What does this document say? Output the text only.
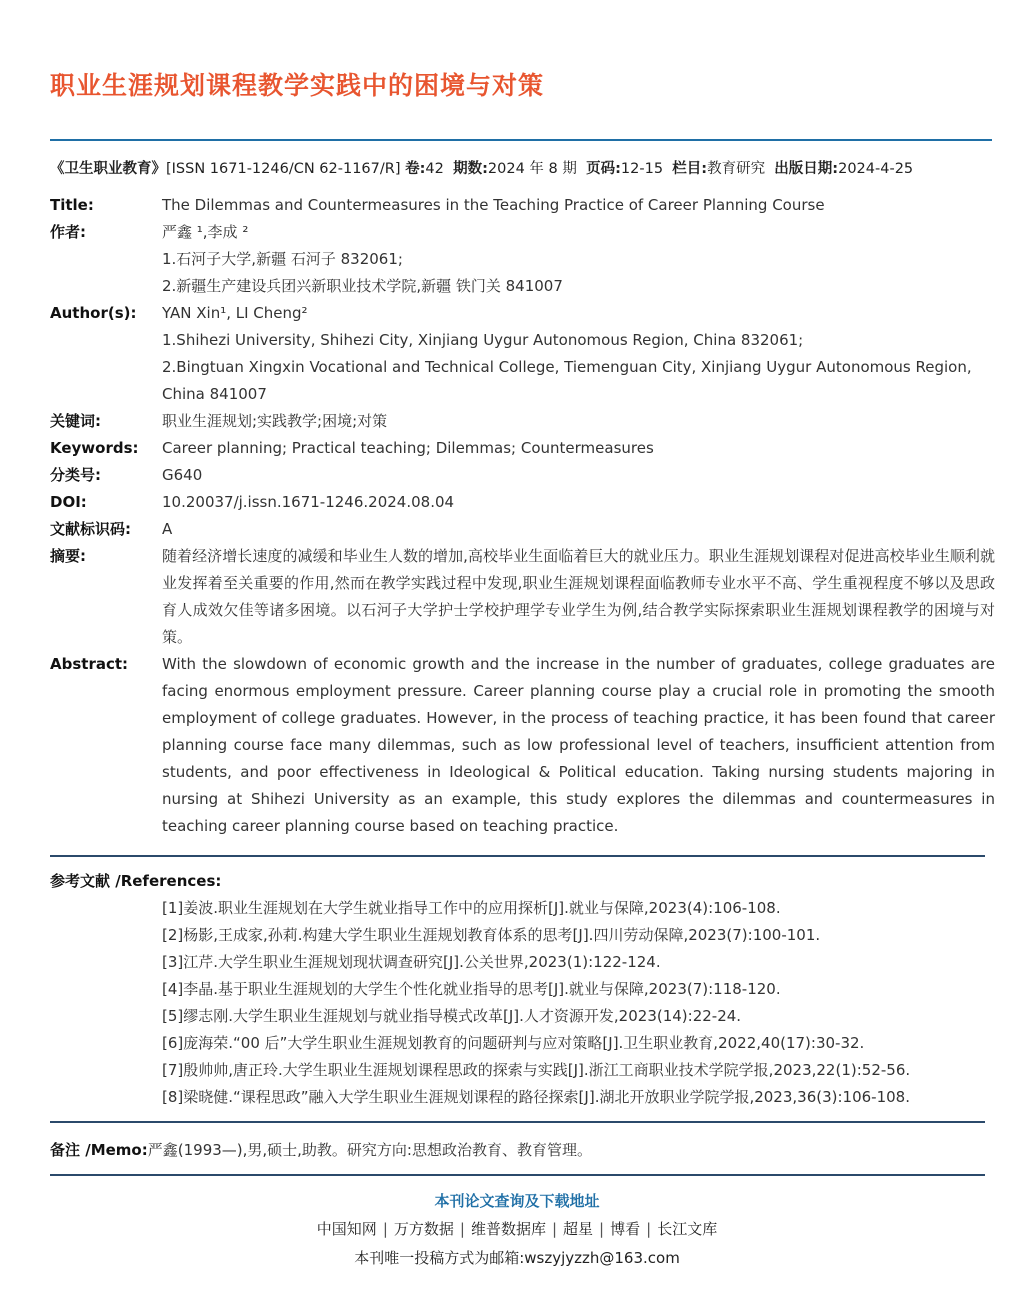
职业生涯规划课程教学实践中的困境与对策
《卫生职业教育》[ISSN 1671-1246/CN 62-1167/R] 卷:42 期数:2024 年 8 期 页码:12-15 栏目:教育研究 出版日期:2024-4-25
Title:	The Dilemmas and Countermeasures in the Teaching Practice of Career Planning Course
作者:	严鑫 ¹,李成 ²

1.石河子大学,新疆 石河子 832061;

2.新疆生产建设兵团兴新职业技术学院,新疆 铁门关 841007

Author(s): YAN Xin¹, LI Cheng²

1.Shihezi University, Shihezi City, Xinjiang Uygur Autonomous Region, China 832061;

2.Bingtuan Xingxin Vocational and Technical College, Tiemenguan City, Xinjiang Uygur Autonomous Region, China 841007

关键词:	职业生涯规划;实践教学;困境;对策
Keywords: Career planning; Practical teaching; Dilemmas; Countermeasures
分类号:	G640
DOI:	10.20037/j.issn.1671-1246.2024.08.04
文献标识码: A
摘要:	随着经济增长速度的减缓和毕业生人数的增加,高校毕业生面临着巨大的就业压力。职业生涯规划课程对促进高校毕业生顺利就业发挥着至关重要的作用,然而在教学实践过程中发现,职业生涯规划课程面临教师专业水平不高、学生重视程度不够以及思政育人成效欠佳等诸多困境。以石河子大学护士学校护理学专业学生为例,结合教学实际探索职业生涯规划课程教学的困境与对策。
Abstract: With the slowdown of economic growth and the increase in the number of graduates, college graduates are facing enormous employment pressure. Career planning course play a crucial role in promoting the smooth employment of college graduates. However, in the process of teaching practice, it has been found that career planning course face many dilemmas, such as low professional level of teachers, insufficient attention from students, and poor effectiveness in Ideological & Political education. Taking nursing students majoring in nursing at Shihezi University as an example, this study explores the dilemmas and countermeasures in teaching career planning course based on teaching practice.
参考文献 /References:
[1]姜波.职业生涯规划在大学生就业指导工作中的应用探析[J].就业与保障,2023(4):106-108.
[2]杨影,王成家,孙莉.构建大学生职业生涯规划教育体系的思考[J].四川劳动保障,2023(7):100-101.
[3]江芹.大学生职业生涯规划现状调查研究[J].公关世界,2023(1):122-124.
[4]李晶.基于职业生涯规划的大学生个性化就业指导的思考[J].就业与保障,2023(7):118-120.
[5]缪志刚.大学生职业生涯规划与就业指导模式改革[J].人才资源开发,2023(14):22-24.
[6]庞海荣.“00 后”大学生职业生涯规划教育的问题研判与应对策略[J].卫生职业教育,2022,40(17):30-32.
[7]殷帅帅,唐正玲.大学生职业生涯规划课程思政的探索与实践[J].浙江工商职业技术学院学报,2023,22(1):52-56.
[8]梁晓健.“课程思政”融入大学生职业生涯规划课程的路径探索[J].湖北开放职业学院学报,2023,36(3):106-108.
备注 /Memo:严鑫(1993—),男,硕士,助教。研究方向:思想政治教育、教育管理。
本刊论文查询及下载地址
中国知网 | 万方数据 | 维普数据库 | 超星 | 博看 | 长江文库
本刊唯一投稿方式为邮箱:wszyjyzzh@163.com
